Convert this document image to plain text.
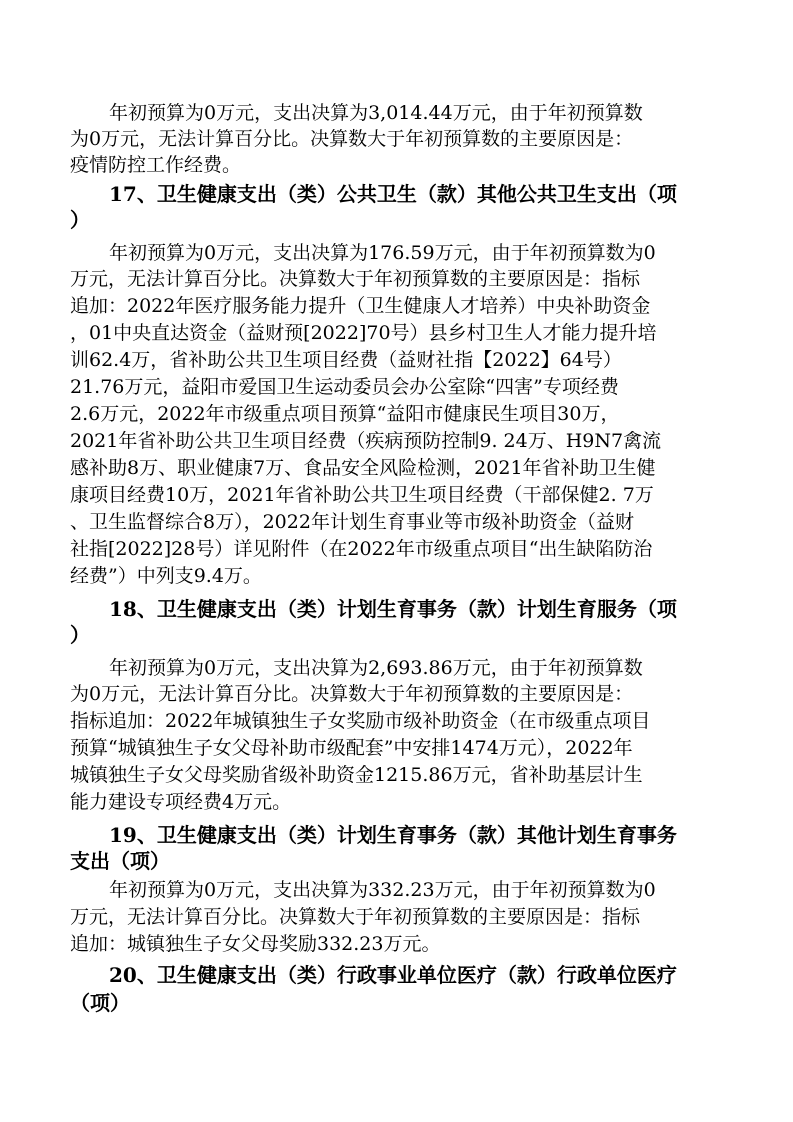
年初预算为0万元，支出决算为3,014.44万元，由于年初预算数
为0万元，无法计算百分比。决算数大于年初预算数的主要原因是：
疫情防控工作经费。
17、卫生健康支出（类）公共卫生（款）其他公共卫生支出（项
）
年初预算为0万元，支出决算为176.59万元，由于年初预算数为0
万元，无法计算百分比。决算数大于年初预算数的主要原因是：指标
追加：2022年医疗服务能力提升（卫生健康人才培养）中央补助资金
，01中央直达资金（益财预[2022]70号）县乡村卫生人才能力提升培
训62.4万，省补助公共卫生项目经费（益财社指【2022】64号）
21.76万元，益阳市爱国卫生运动委员会办公室除“四害”专项经费
2.6万元，2022年市级重点项目预算“益阳市健康民生项目30万，
2021年省补助公共卫生项目经费（疾病预防控制9. 24万、H9N7禽流
感补助8万、职业健康7万、食品安全风险检测，2021年省补助卫生健
康项目经费10万，2021年省补助公共卫生项目经费（干部保健2. 7万
、卫生监督综合8万），2022年计划生育事业等市级补助资金（益财
社指[2022]28号）详见附件（在2022年市级重点项目“出生缺陷防治
经费”）中列支9.4万。
18、卫生健康支出（类）计划生育事务（款）计划生育服务（项
）
年初预算为0万元，支出决算为2,693.86万元，由于年初预算数
为0万元，无法计算百分比。决算数大于年初预算数的主要原因是：
指标追加：2022年城镇独生子女奖励市级补助资金（在市级重点项目
预算“城镇独生子女父母补助市级配套”中安排1474万元），2022年
城镇独生子女父母奖励省级补助资金1215.86万元，省补助基层计生
能力建设专项经费4万元。
19、卫生健康支出（类）计划生育事务（款）其他计划生育事务
支出（项）
年初预算为0万元，支出决算为332.23万元，由于年初预算数为0
万元，无法计算百分比。决算数大于年初预算数的主要原因是：指标
追加：城镇独生子女父母奖励332.23万元。
20、卫生健康支出（类）行政事业单位医疗（款）行政单位医疗
（项）
